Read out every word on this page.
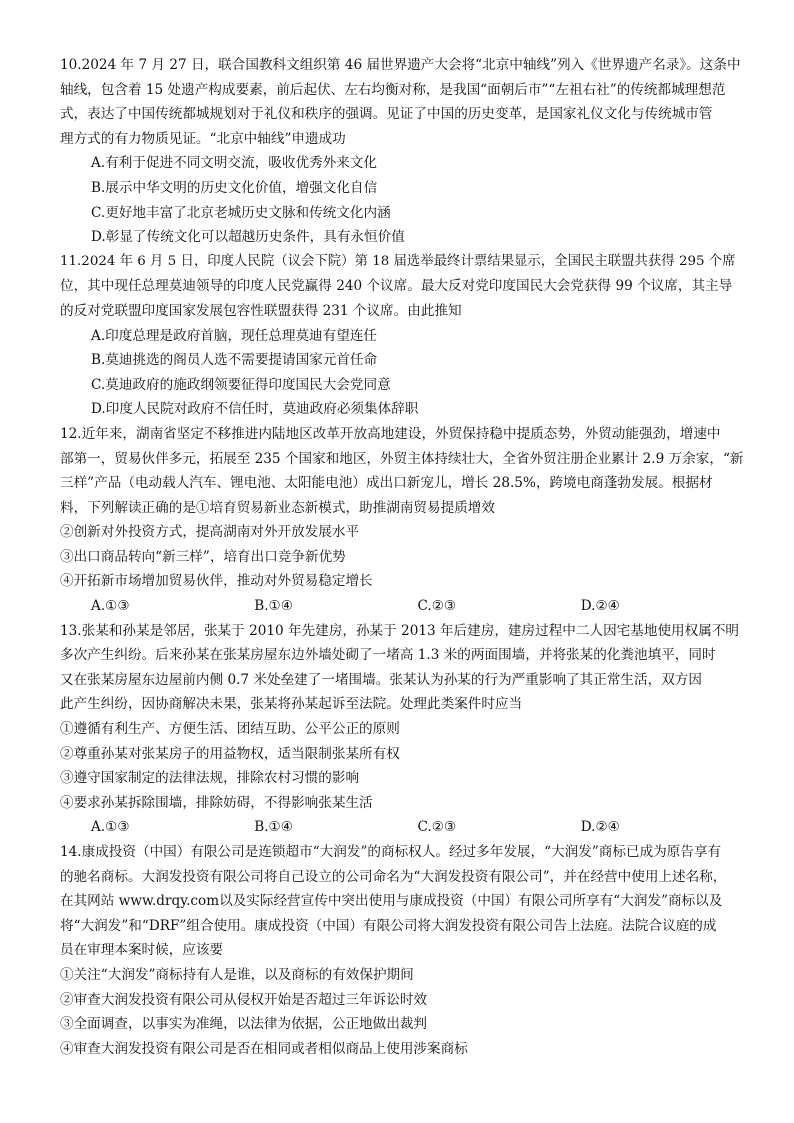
10.2024 年 7 月 27 日，联合国教科文组织第 46 届世界遗产大会将“北京中轴线”列入《世界遗产名录》。这条中
轴线，包含着 15 处遗产构成要素，前后起伏、左右均衡对称，是我国“面朝后市”“左祖右社”的传统都城理想范
式，表达了中国传统都城规划对于礼仪和秩序的强调。见证了中国的历史变革，是国家礼仪文化与传统城市管
理方式的有力物质见证。“北京中轴线”申遗成功
A.有利于促进不同文明交流，吸收优秀外来文化
B.展示中华文明的历史文化价值，增强文化自信
C.更好地丰富了北京老城历史文脉和传统文化内涵
D.彰显了传统文化可以超越历史条件，具有永恒价值
11.2024 年 6 月 5 日，印度人民院（议会下院）第 18 届选举最终计票结果显示，全国民主联盟共获得 295 个席
位，其中现任总理莫迪领导的印度人民党赢得 240 个议席。最大反对党印度国民大会党获得 99 个议席，其主导
的反对党联盟印度国家发展包容性联盟获得 231 个议席。由此推知
A.印度总理是政府首脑，现任总理莫迪有望连任
B.莫迪挑选的阁员人选不需要提请国家元首任命
C.莫迪政府的施政纲领要征得印度国民大会党同意
D.印度人民院对政府不信任时，莫迪政府必须集体辞职
12.近年来，湖南省坚定不移推进内陆地区改革开放高地建设，外贸保持稳中提质态势，外贸动能强劲，增速中
部第一，贸易伙伴多元，拓展至 235 个国家和地区，外贸主体持续壮大，全省外贸注册企业累计 2.9 万余家，“新
三样”产品（电动载人汽车、锂电池、太阳能电池）成出口新宠儿，增长 28.5%，跨境电商蓬勃发展。根据材
料，下列解读正确的是①培育贸易新业态新模式，助推湖南贸易提质增效
②创新对外投资方式，提高湖南对外开放发展水平
③出口商品转向“新三样”，培育出口竞争新优势
④开拓新市场增加贸易伙伴，推动对外贸易稳定增长
A.①③	B.①④	C.②③	D.②④
13.张某和孙某是邻居，张某于 2010 年先建房，孙某于 2013 年后建房，建房过程中二人因宅基地使用权属不明
多次产生纠纷。后来孙某在张某房屋东边外墙处砌了一堵高 1.3 米的两面围墙，并将张某的化粪池填平，同时
又在张某房屋东边屋前内侧 0.7 米处垒建了一堵围墙。张某认为孙某的行为严重影响了其正常生活，双方因
此产生纠纷，因协商解决未果，张某将孙某起诉至法院。处理此类案件时应当
①遵循有利生产、方便生活、团结互助、公平公正的原则
②尊重孙某对张某房子的用益物权，适当限制张某所有权
③遵守国家制定的法律法规，排除农村习惯的影响
④要求孙某拆除围墙，排除妨碍，不得影响张某生活
A.①③	B.①④	C.②③	D.②④
14.康成投资（中国）有限公司是连锁超市“大润发”的商标权人。经过多年发展，“大润发”商标已成为原告享有
的驰名商标。大润发投资有限公司将自己设立的公司命名为“大润发投资有限公司”，并在经营中使用上述名称，
在其网站 www.drqy.com以及实际经营宣传中突出使用与康成投资（中国）有限公司所享有“大润发”商标以及
将“大润发”和“DRF”组合使用。康成投资（中国）有限公司将大润发投资有限公司告上法庭。法院合议庭的成
员在审理本案时候，应该要
①关注“大润发”商标持有人是谁，以及商标的有效保护期间
②审查大润发投资有限公司从侵权开始是否超过三年诉讼时效
③全面调查，以事实为准绳，以法律为依据，公正地做出裁判
④审查大润发投资有限公司是否在相同或者相似商品上使用涉案商标
